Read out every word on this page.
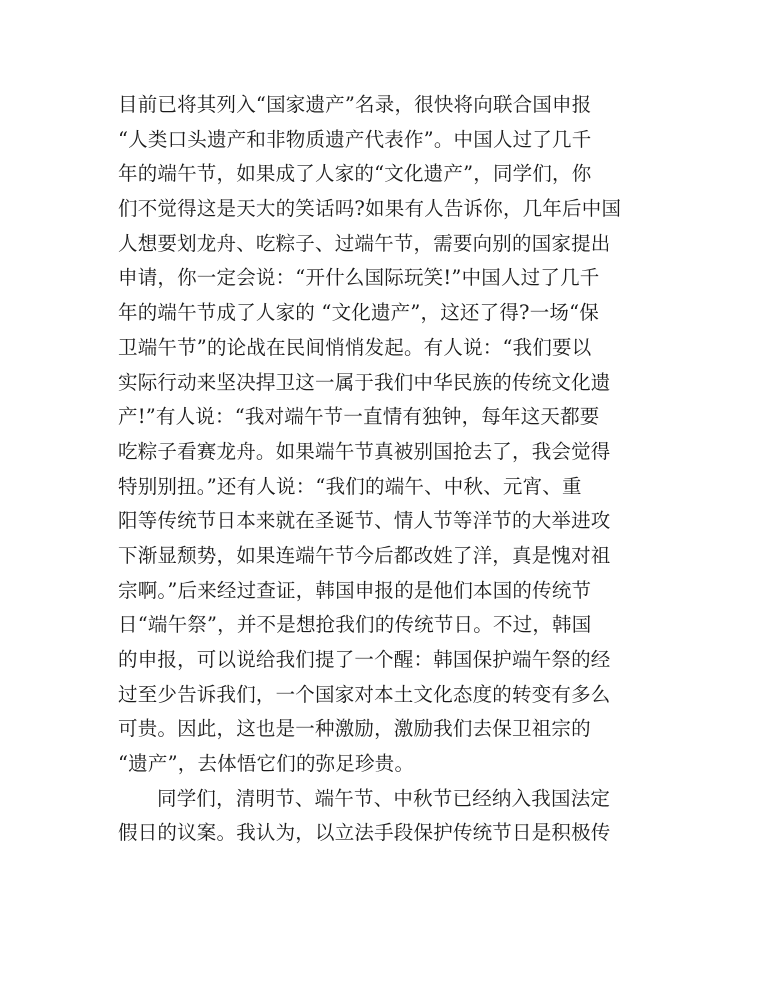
目前已将其列入“国家遗产”名录，很快将向联合国申报
“人类口头遗产和非物质遗产代表作”。中国人过了几千
年的端午节，如果成了人家的“文化遗产”，同学们，你
们不觉得这是天大的笑话吗?如果有人告诉你，几年后中国
人想要划龙舟、吃粽子、过端午节，需要向别的国家提出
申请，你一定会说：“开什么国际玩笑!”中国人过了几千
年的端午节成了人家的 “文化遗产”，这还了得?一场“保
卫端午节”的论战在民间悄悄发起。有人说：“我们要以
实际行动来坚决捍卫这一属于我们中华民族的传统文化遗
产!”有人说：“我对端午节一直情有独钟，每年这天都要
吃粽子看赛龙舟。如果端午节真被别国抢去了，我会觉得
特别别扭。”还有人说：“我们的端午、中秋、元宵、重
阳等传统节日本来就在圣诞节、情人节等洋节的大举进攻
下渐显颓势，如果连端午节今后都改姓了洋，真是愧对祖
宗啊。”后来经过查证，韩国申报的是他们本国的传统节
日“端午祭”，并不是想抢我们的传统节日。不过，韩国
的申报，可以说给我们提了一个醒：韩国保护端午祭的经
过至少告诉我们，一个国家对本土文化态度的转变有多么
可贵。因此，这也是一种激励，激励我们去保卫祖宗的
“遗产”，去体悟它们的弥足珍贵。
同学们，清明节、端午节、中秋节已经纳入我国法定
假日的议案。我认为，以立法手段保护传统节日是积极传
